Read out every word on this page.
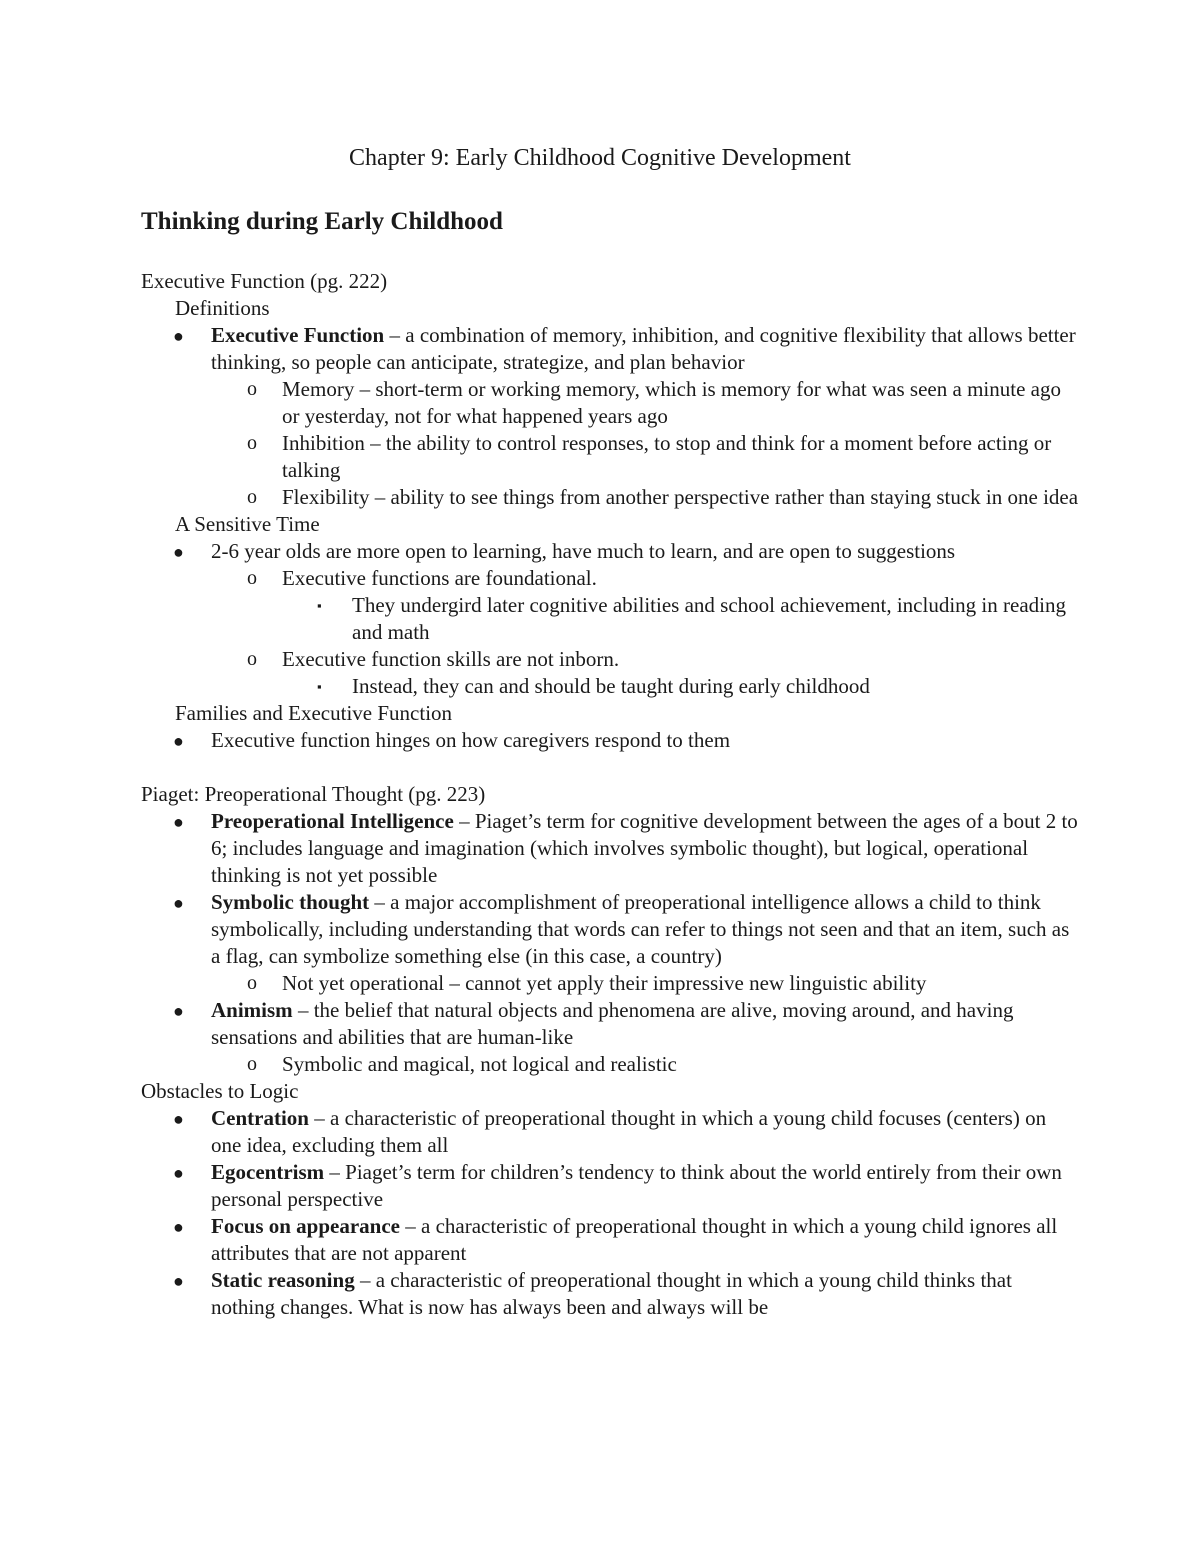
Chapter 9: Early Childhood Cognitive Development
Thinking during Early Childhood

Executive Function (pg. 222)

Definitions

● Executive Function – a combination of memory, inhibition, and cognitive flexibility that allows better thinking, so people can anticipate, strategize, and plan behavior

o Memory – short-term or working memory, which is memory for what was seen a minute ago or yesterday, not for what happened years ago

o Inhibition – the ability to control responses, to stop and think for a moment before acting or talking

o Flexibility – ability to see things from another perspective rather than staying stuck in one idea

A Sensitive Time

● 2-6 year olds are more open to learning, have much to learn, and are open to suggestions

o Executive functions are foundational.

▪ They undergird later cognitive abilities and school achievement, including in reading and math

o Executive function skills are not inborn.

▪ Instead, they can and should be taught during early childhood

Families and Executive Function

● Executive function hinges on how caregivers respond to them

Piaget: Preoperational Thought (pg. 223)

● Preoperational Intelligence – Piaget’s term for cognitive development between the ages of a bout 2 to 6; includes language and imagination (which involves symbolic thought), but logical, operational thinking is not yet possible

● Symbolic thought – a major accomplishment of preoperational intelligence allows a child to think symbolically, including understanding that words can refer to things not seen and that an item, such as a flag, can symbolize something else (in this case, a country)

o Not yet operational – cannot yet apply their impressive new linguistic ability

● Animism – the belief that natural objects and phenomena are alive, moving around, and having sensations and abilities that are human-like

o Symbolic and magical, not logical and realistic

Obstacles to Logic

● Centration – a characteristic of preoperational thought in which a young child focuses (centers) on one idea, excluding them all

● Egocentrism – Piaget’s term for children’s tendency to think about the world entirely from their own personal perspective

● Focus on appearance – a characteristic of preoperational thought in which a young child ignores all attributes that are not apparent

● Static reasoning – a characteristic of preoperational thought in which a young child thinks that nothing changes. What is now has always been and always will be
